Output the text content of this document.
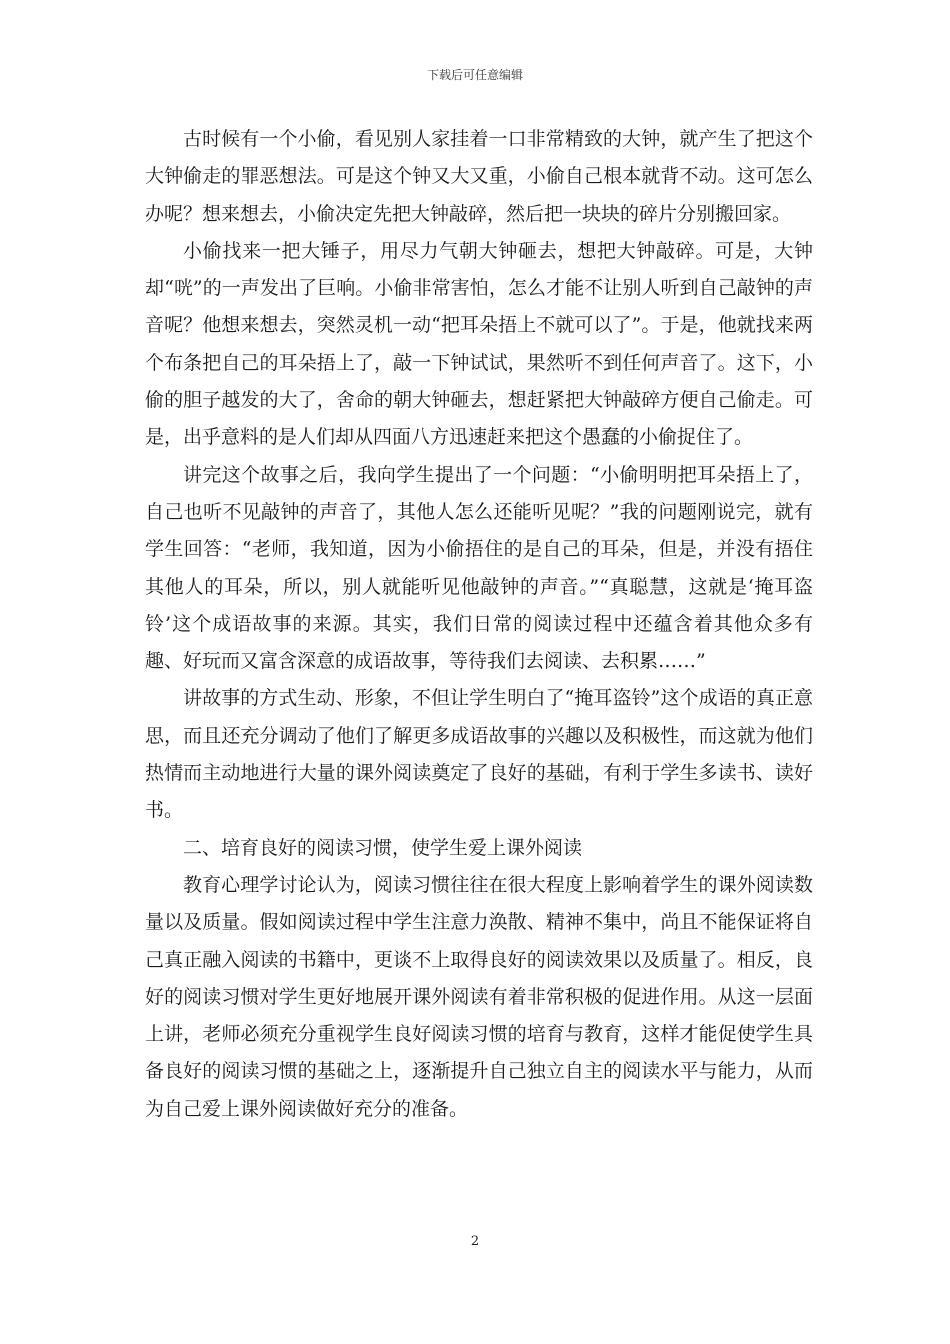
下载后可任意编辑

古时候有一个小偷，看见别人家挂着一口非常精致的大钟，就产生了把这个大钟偷走的罪恶想法。可是这个钟又大又重，小偷自己根本就背不动。这可怎么办呢？想来想去，小偷决定先把大钟敲碎，然后把一块块的碎片分别搬回家。

小偷找来一把大锤子，用尽力气朝大钟砸去，想把大钟敲碎。可是，大钟却“咣”的一声发出了巨响。小偷非常害怕，怎么才能不让别人听到自己敲钟的声音呢？他想来想去，突然灵机一动“把耳朵捂上不就可以了”。于是，他就找来两个布条把自己的耳朵捂上了，敲一下钟试试，果然听不到任何声音了。这下，小偷的胆子越发的大了，舍命的朝大钟砸去，想赶紧把大钟敲碎方便自己偷走。可是，出乎意料的是人们却从四面八方迅速赶来把这个愚蠢的小偷捉住了。

讲完这个故事之后，我向学生提出了一个问题：“小偷明明把耳朵捂上了，自己也听不见敲钟的声音了，其他人怎么还能听见呢？”我的问题刚说完，就有学生回答：“老师，我知道，因为小偷捂住的是自己的耳朵，但是，并没有捂住其他人的耳朵，所以，别人就能听见他敲钟的声音。”“真聪慧，这就是‘掩耳盗铃’这个成语故事的来源。其实，我们日常的阅读过程中还蕴含着其他众多有趣、好玩而又富含深意的成语故事，等待我们去阅读、去积累……”

讲故事的方式生动、形象，不但让学生明白了“掩耳盗铃”这个成语的真正意思，而且还充分调动了他们了解更多成语故事的兴趣以及积极性，而这就为他们热情而主动地进行大量的课外阅读奠定了良好的基础，有利于学生多读书、读好书。

二、培育良好的阅读习惯，使学生爱上课外阅读

教育心理学讨论认为，阅读习惯往往在很大程度上影响着学生的课外阅读数量以及质量。假如阅读过程中学生注意力涣散、精神不集中，尚且不能保证将自己真正融入阅读的书籍中，更谈不上取得良好的阅读效果以及质量了。相反，良好的阅读习惯对学生更好地展开课外阅读有着非常积极的促进作用。从这一层面上讲，老师必须充分重视学生良好阅读习惯的培育与教育，这样才能促使学生具备良好的阅读习惯的基础之上，逐渐提升自己独立自主的阅读水平与能力，从而为自己爱上课外阅读做好充分的准备。

2
